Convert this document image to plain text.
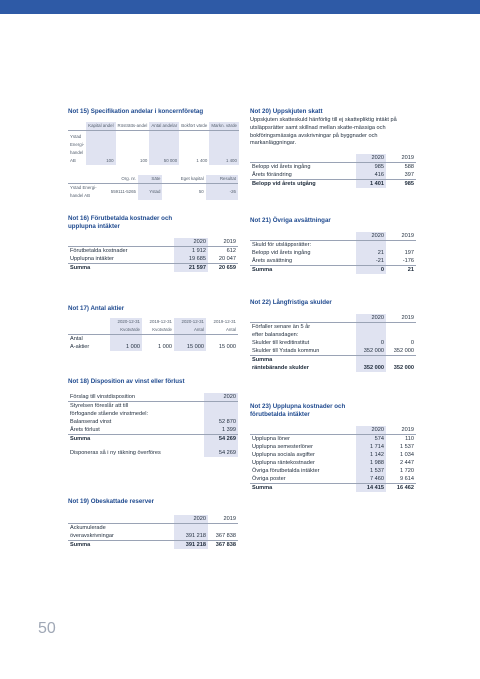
Not 15) Specifikation andelar i koncernföretag
	Kapital andel	Rösträtts-andel	Antal andelar	Bokfört värde	Markn. värde
Ystad Energi-handel AB	100	100	50 000	1 400	1 400
	Org. nr.	Säte	Eget kapital	Resultat
Ystad Energi-handel AB	559111-5265	Ystad	50	-26
Not 16) Förutbetalda kostnader och upplupna intäkter
	2020	2019
Förutbetalda kostnader	1 912	612
Upplupna intäkter	19 685	20 047
Summa	21 597	20 659
Not 17) Antal aktier
	2020-12-31 Kvotvärde	2019-12-31 Kvotvärde	2020-12-31 Antal	2019-12-31 Antal
Antal				
A-aktier	1 000	1 000	15 000	15 000
Not 18) Disposition av vinst eller förlust
Förslag till vinstdisposition	2020
Styrelsen föreslår att till	
förfogande stående vinstmedel:	
Balanserad vinst	52 870
Årets förlust	1 399
Summa	54 269

Disponeras så i ny räkning överföres	54 269
Not 19) Obeskattade reserver
	2020	2019
Ackumulerade		
överavskrivningar	391 218	367 838
Summa	391 218	367 838
Not 20) Uppskjuten skatt
Uppskjuten skatteskuld hänförlig till ej skattepliktig intäkt på utsläppsrätter samt skillnad mellan skatte-mässiga och bokföringsmässiga avskrivningar på byggnader och markanläggningar.
	2020	2019
Belopp vid årets ingång	985	588
Årets förändring	416	397
Belopp vid årets utgång	1 401	985
Not 21) Övriga avsättningar
	2020	2019
Skuld för utsläppsrätter:		
Belopp vid årets ingång	21	197
Årets avsättning	-21	-176
Summa	0	21
Not 22) Långfristiga skulder
	2020	2019
Förfaller senare än 5 år		
efter balansdagen:		
Skulder till kreditinstitut	0	0
Skulder till Ystads kommun	352 000	352 000
Summa		
räntebärande skulder	352 000	352 000
Not 23) Upplupna kostnader och förutbetalda intäkter
	2020	2019
Upplupna löner	574	110
Upplupna semesterlöner	1 714	1 537
Upplupna sociala avgifter	1 142	1 034
Upplupna räntekostnader	1 988	2 447
Övriga förutbetalda intäkter	1 537	1 720
Övriga poster	7 460	9 614
Summa	14 415	16 462
50
